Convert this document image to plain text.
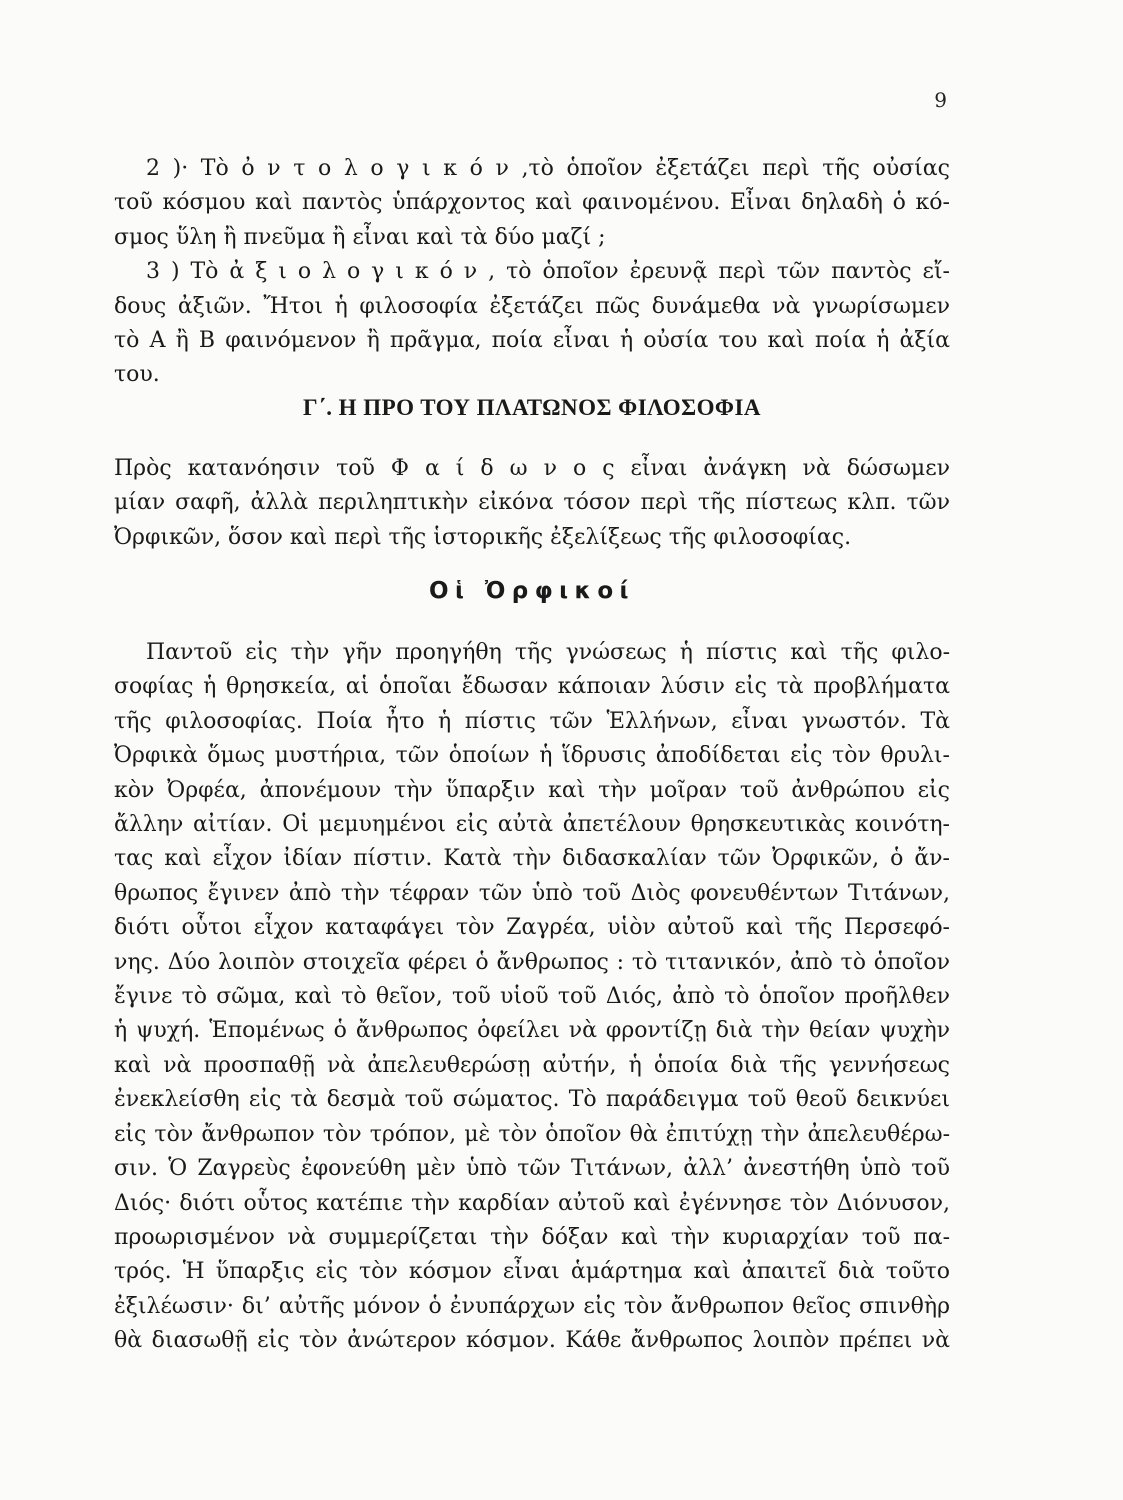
9
2 )· Τὸ ὀ ν τ ο λ ο γ ι κ ό ν ,τὸ ὁποῖον ἐξετάζει περὶ τῆς οὐσίας
τοῦ κόσμου καὶ παντὸς ὑπάρχοντος καὶ φαινομένου. Εἶναι δηλαδὴ ὁ κό-
σμος ὕλη ἢ πνεῦμα ἢ εἶναι καὶ τὰ δύο μαζί ;
3 ) Τὸ ἀ ξ ι ο λ ο γ ι κ ό ν , τὸ ὁποῖον ἐρευνᾷ περὶ τῶν παντὸς εἴ-
δους ἀξιῶν. Ἤτοι ἡ φιλοσοφία ἐξετάζει πῶς δυνάμεθα νὰ γνωρίσωμεν
τὸ Α ἢ Β φαινόμενον ἢ πρᾶγμα, ποία εἶναι ἡ οὐσία του καὶ ποία ἡ ἀξία
του.
Γ΄. Η ΠΡΟ ΤΟΥ ΠΛΑΤΩΝΟΣ ΦΙΛΟΣΟΦΙΑ
Πρὸς κατανόησιν τοῦ Φ α ί δ ω ν ο ς εἶναι ἀνάγκη νὰ δώσωμεν
μίαν σαφῆ, ἀλλὰ περιληπτικὴν εἰκόνα τόσον περὶ τῆς πίστεως κλπ. τῶν
Ὀρφικῶν, ὅσον καὶ περὶ τῆς ἱστορικῆς ἐξελίξεως τῆς φιλοσοφίας.
Οἱ Ὀρφικοί
Παντοῦ εἰς τὴν γῆν προηγήθη τῆς γνώσεως ἡ πίστις καὶ τῆς φιλο-
σοφίας ἡ θρησκεία, αἱ ὁποῖαι ἔδωσαν κάποιαν λύσιν εἰς τὰ προβλήματα
τῆς φιλοσοφίας. Ποία ἦτο ἡ πίστις τῶν Ἑλλήνων, εἶναι γνωστόν. Τὰ
Ὀρφικὰ ὅμως μυστήρια, τῶν ὁποίων ἡ ἵδρυσις ἀποδίδεται εἰς τὸν θρυλι-
κὸν Ὀρφέα, ἀπονέμουν τὴν ὕπαρξιν καὶ τὴν μοῖραν τοῦ ἀνθρώπου εἰς
ἄλλην αἰτίαν. Οἱ μεμυημένοι εἰς αὐτὰ ἀπετέλουν θρησκευτικὰς κοινότη-
τας καὶ εἶχον ἰδίαν πίστιν. Κατὰ τὴν διδασκαλίαν τῶν Ὀρφικῶν, ὁ ἄν-
θρωπος ἔγινεν ἀπὸ τὴν τέφραν τῶν ὑπὸ τοῦ Διὸς φονευθέντων Τιτάνων,
διότι οὗτοι εἶχον καταφάγει τὸν Ζαγρέα, υἱὸν αὐτοῦ καὶ τῆς Περσεφό-
νης. Δύο λοιπὸν στοιχεῖα φέρει ὁ ἄνθρωπος : τὸ τιτανικόν, ἀπὸ τὸ ὁποῖον
ἔγινε τὸ σῶμα, καὶ τὸ θεῖον, τοῦ υἱοῦ τοῦ Διός, ἀπὸ τὸ ὁποῖον προῆλθεν
ἡ ψυχή. Ἑπομένως ὁ ἄνθρωπος ὀφείλει νὰ φροντίζῃ διὰ τὴν θείαν ψυχὴν
καὶ νὰ προσπαθῇ νὰ ἀπελευθερώσῃ αὐτήν, ἡ ὁποία διὰ τῆς γεννήσεως
ἐνεκλείσθη εἰς τὰ δεσμὰ τοῦ σώματος. Τὸ παράδειγμα τοῦ θεοῦ δεικνύει
εἰς τὸν ἄνθρωπον τὸν τρόπον, μὲ τὸν ὁποῖον θὰ ἐπιτύχῃ τὴν ἀπελευθέρω-
σιν. Ὁ Ζαγρεὺς ἐφονεύθη μὲν ὑπὸ τῶν Τιτάνων, ἀλλ’ ἀνεστήθη ὑπὸ τοῦ
Διός· διότι οὗτος κατέπιε τὴν καρδίαν αὐτοῦ καὶ ἐγέννησε τὸν Διόνυσον,
προωρισμένον νὰ συμμερίζεται τὴν δόξαν καὶ τὴν κυριαρχίαν τοῦ πα-
τρός. Ἡ ὕπαρξις εἰς τὸν κόσμον εἶναι ἁμάρτημα καὶ ἀπαιτεῖ διὰ τοῦτο
ἐξιλέωσιν· δι’ αὐτῆς μόνον ὁ ἐνυπάρχων εἰς τὸν ἄνθρωπον θεῖος σπινθὴρ
θὰ διασωθῇ εἰς τὸν ἀνώτερον κόσμον. Κάθε ἄνθρωπος λοιπὸν πρέπει νὰ
